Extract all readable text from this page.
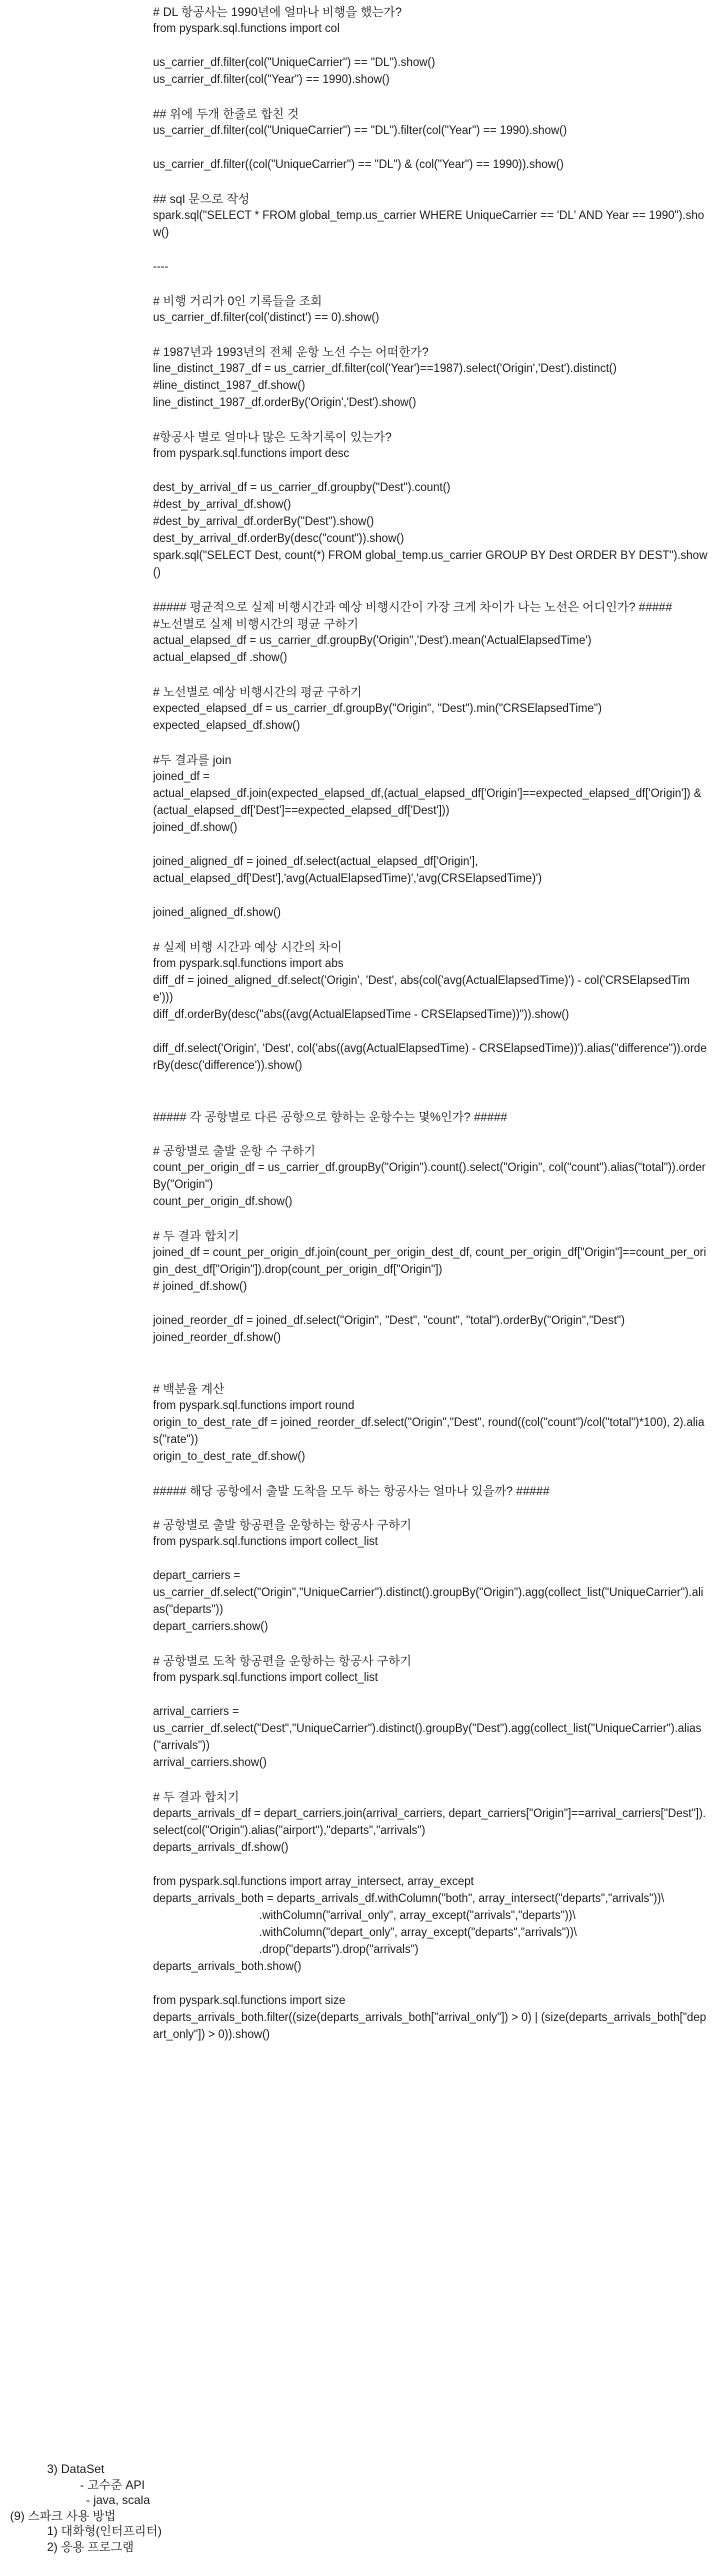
# DL 항공사는 1990년에 얼마나 비행을 했는가?
from pyspark.sql.functions import col
us_carrier_df.filter(col("UniqueCarrier") == "DL").show()
us_carrier_df.filter(col("Year") == 1990).show()
## 위에 두개 한줄로 합친 것
us_carrier_df.filter(col("UniqueCarrier") == "DL").filter(col("Year") == 1990).show()
us_carrier_df.filter((col("UniqueCarrier") == "DL") & (col("Year") == 1990)).show()
## sql 문으로 작성
spark.sql("SELECT * FROM global_temp.us_carrier WHERE UniqueCarrier == 'DL' AND Year == 1990").show()
----
# 비행 거리가 0인 기록들을 조회
us_carrier_df.filter(col('distinct') == 0).show()
# 1987년과 1993년의 전체 운항 노선 수는 어떠한가?
line_distinct_1987_df = us_carrier_df.filter(col('Year')==1987).select('Origin','Dest').distinct()
#line_distinct_1987_df.show()
line_distinct_1987_df.orderBy('Origin','Dest').show()
#항공사 별로 얼마나 많은 도착기록이 있는가?
from pyspark.sql.functions import desc
dest_by_arrival_df = us_carrier_df.groupby("Dest").count()
#dest_by_arrival_df.show()
#dest_by_arrival_df.orderBy("Dest").show()
dest_by_arrival_df.orderBy(desc("count")).show()
spark.sql("SELECT Dest, count(*) FROM global_temp.us_carrier GROUP BY Dest ORDER BY DEST").show()
##### 평균적으로 실제 비행시간과 예상 비행시간이 가장 크게 차이가 나는 노선은 어디인가? #####
#노선별로 실제 비행시간의 평균 구하기
actual_elapsed_df = us_carrier_df.groupBy('Origin'','Dest').mean('ActualElapsedTime')
actual_elapsed_df .show()
# 노선별로 예상 비행시간의 평균 구하기
expected_elapsed_df = us_carrier_df.groupBy("Origin", "Dest").min("CRSElapsedTime")
expected_elapsed_df.show()
#두 결과를 join
joined_df =
actual_elapsed_df.join(expected_elapsed_df,(actual_elapsed_df['Origin']==expected_elapsed_df['Origin']) & (actual_elapsed_df['Dest']==expected_elapsed_df['Dest']))
joined_df.show()
joined_aligned_df = joined_df.select(actual_elapsed_df['Origin'],
actual_elapsed_df['Dest'],'avg(ActualElapsedTime)','avg(CRSElapsedTime)')
joined_aligned_df.show()
# 실제 비행 시간과 예상 시간의 차이
from pyspark.sql.functions import abs
diff_df = joined_aligned_df.select('Origin', 'Dest', abs(col('avg(ActualElapsedTime)') - col('CRSElapsedTime')))
diff_df.orderBy(desc("abs((avg(ActualElapsedTime - CRSElapsedTime))")).show()
diff_df.select('Origin', 'Dest', col('abs((avg(ActualElapsedTime) - CRSElapsedTime))').alias("difference")).orderBy(desc('difference')).show()
##### 각 공항별로 다른 공항으로 향하는 운항수는 몇%인가? #####
# 공항별로 출발 운항 수 구하기
count_per_origin_df = us_carrier_df.groupBy("Origin").count().select("Origin", col("count").alias("total")).orderBy("Origin")
count_per_origin_df.show()
# 두 결과 합치기
joined_df = count_per_origin_df.join(count_per_origin_dest_df, count_per_origin_df["Origin"]==count_per_origin_dest_df["Origin"]).drop(count_per_origin_df["Origin"])
# joined_df.show()
joined_reorder_df = joined_df.select("Origin", "Dest", "count", "total").orderBy("Origin","Dest")
joined_reorder_df.show()
# 백분율 계산
from pyspark.sql.functions import round
origin_to_dest_rate_df = joined_reorder_df.select("Origin","Dest", round((col("count")/col("total")*100), 2).alias("rate"))
origin_to_dest_rate_df.show()
##### 해당 공항에서 출발 도착을 모두 하는 항공사는 얼마나 있을까? #####
# 공항별로 출발 항공편을 운항하는 항공사 구하기
from pyspark.sql.functions import collect_list
depart_carriers =
us_carrier_df.select("Origin","UniqueCarrier").distinct().groupBy("Origin").agg(collect_list("UniqueCarrier").alias("departs"))
depart_carriers.show()
# 공항별로 도착 항공편을 운항하는 항공사 구하기
from pyspark.sql.functions import collect_list
arrival_carriers =
us_carrier_df.select("Dest","UniqueCarrier").distinct().groupBy("Dest").agg(collect_list("UniqueCarrier").alias("arrivals"))
arrival_carriers.show()
# 두 결과 합치기
departs_arrivals_df = depart_carriers.join(arrival_carriers, depart_carriers["Origin"]==arrival_carriers["Dest"]).select(col("Origin").alias("airport"),"departs","arrivals")
departs_arrivals_df.show()
from pyspark.sql.functions import array_intersect, array_except
departs_arrivals_both = departs_arrivals_df.withColumn("both", array_intersect("departs","arrivals"))\
.withColumn("arrival_only", array_except("arrivals","departs"))\
.withColumn("depart_only", array_except("departs","arrivals"))\
.drop("departs").drop("arrivals")
departs_arrivals_both.show()
from pyspark.sql.functions import size
departs_arrivals_both.filter((size(departs_arrivals_both["arrival_only"]) > 0) | (size(departs_arrivals_both["depart_only"]) > 0)).show()
3) DataSet
- 고수준 API
- java, scala
(9) 스파크 사용 방법
1) 대화형(인터프리터)
2) 응용 프로그램
